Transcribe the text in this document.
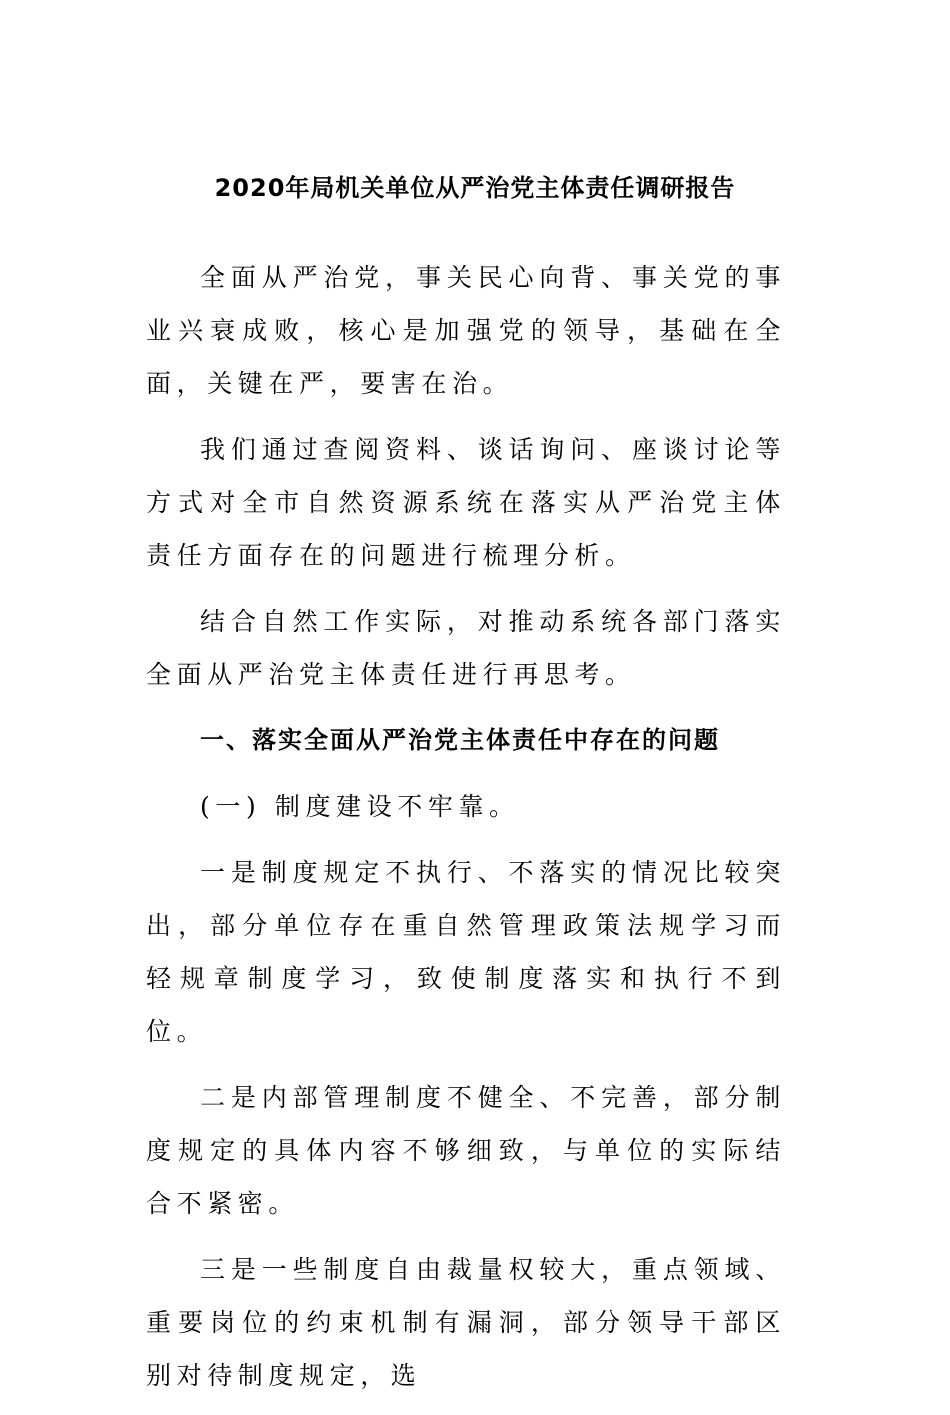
2020年局机关单位从严治党主体责任调研报告

全面从严治党，事关民心向背、事关党的事业兴衰成败，核心是加强党的领导，基础在全面，关键在严，要害在治。

我们通过查阅资料、谈话询问、座谈讨论等方式对全市自然资源系统在落实从严治党主体责任方面存在的问题进行梳理分析。

结合自然工作实际，对推动系统各部门落实全面从严治党主体责任进行再思考。

一、落实全面从严治党主体责任中存在的问题

(一) 制度建设不牢靠。

一是制度规定不执行、不落实的情况比较突出，部分单位存在重自然管理政策法规学习而轻规章制度学习，致使制度落实和执行不到位。

二是内部管理制度不健全、不完善，部分制度规定的具体内容不够细致，与单位的实际结合不紧密。

三是一些制度自由裁量权较大，重点领域、重要岗位的约束机制有漏洞，部分领导干部区别对待制度规定，选
